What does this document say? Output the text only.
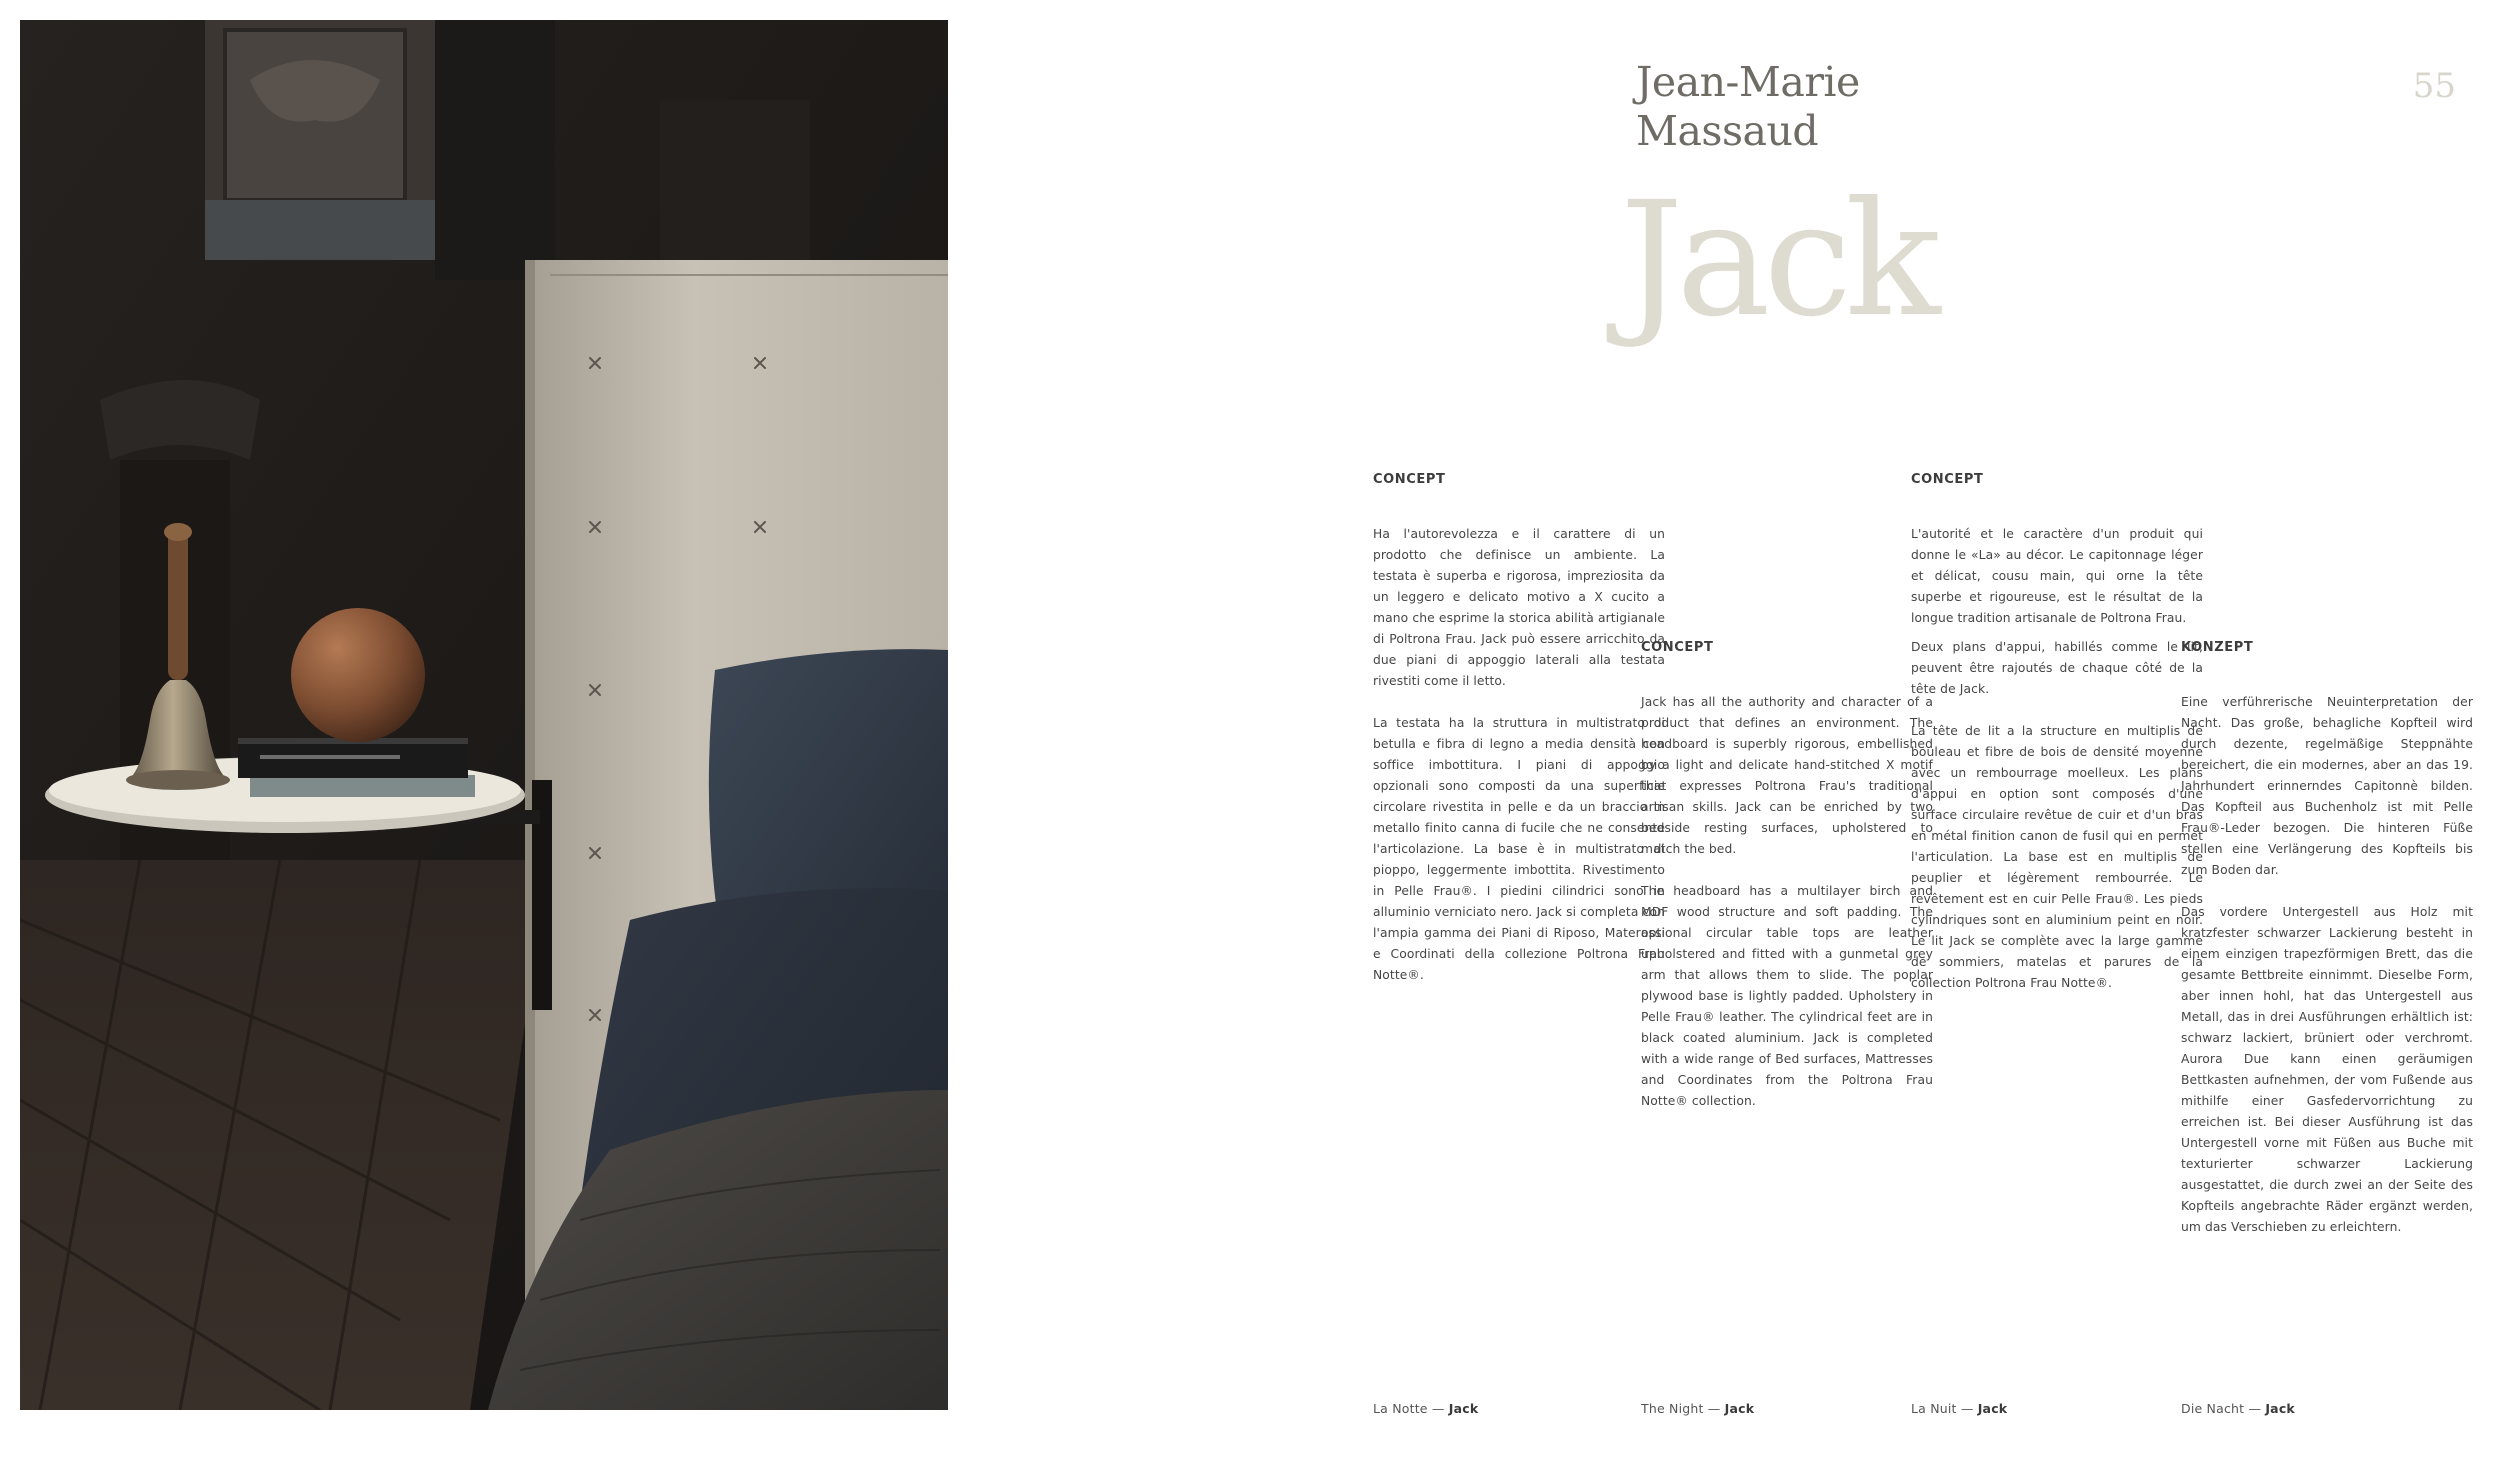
Jean-Marie
Massaud
55
Jack
CONCEPT

Ha l'autorevolezza e il carattere di un prodotto che definisce un ambiente. La testata è superba e rigorosa, impreziosita da un leggero e delicato motivo a X cucito a mano che esprime la storica abilità artigianale di Poltrona Frau. Jack può essere arricchito da due piani di appoggio laterali alla testata rivestiti come il letto.

La testata ha la struttura in multistrato di betulla e fibra di legno a media densità con soffice imbottitura. I piani di appoggio opzionali sono composti da una superficie circolare rivestita in pelle e da un braccio in metallo finito canna di fucile che ne consente l'articolazione. La base è in multistrato di pioppo, leggermente imbottita. Rivestimento in Pelle Frau®. I piedini cilindrici sono in alluminio verniciato nero. Jack si completa con l'ampia gamma dei Piani di Riposo, Materassi e Coordinati della collezione Poltrona Frau Notte®.

CONCEPT

Jack has all the authority and character of a product that defines an environment. The headboard is superbly rigorous, embellished by a light and delicate hand-stitched X motif that expresses Poltrona Frau's traditional artisan skills. Jack can be enriched by two bedside resting surfaces, upholstered to match the bed.

The headboard has a multilayer birch and MDF wood structure and soft padding. The optional circular table tops are leather upholstered and fitted with a gunmetal grey arm that allows them to slide. The poplar plywood base is lightly padded. Upholstery in Pelle Frau® leather. The cylindrical feet are in black coated aluminium. Jack is completed with a wide range of Bed surfaces, Mattresses and Coordinates from the Poltrona Frau Notte® collection.

CONCEPT

L'autorité et le caractère d'un produit qui donne le «La» au décor. Le capitonnage léger et délicat, cousu main, qui orne la tête superbe et rigoureuse, est le résultat de la longue tradition artisanale de Poltrona Frau.

Deux plans d'appui, habillés comme le lit, peuvent être rajoutés de chaque côté de la tête de Jack.

La tête de lit a la structure en multiplis de bouleau et fibre de bois de densité moyenne avec un rembourrage moelleux. Les plans d'appui en option sont composés d'une surface circulaire revêtue de cuir et d'un bras en métal finition canon de fusil qui en permet l'articulation. La base est en multiplis de peuplier et légèrement rembourrée. Le revêtement est en cuir Pelle Frau®. Les pieds cylindriques sont en aluminium peint en noir. Le lit Jack se complète avec la large gamme de sommiers, matelas et parures de la collection Poltrona Frau Notte®.

KONZEPT

Eine verführerische Neuinterpretation der Nacht. Das große, behagliche Kopfteil wird durch dezente, regelmäßige Steppnähte bereichert, die ein modernes, aber an das 19. Jahrhundert erinnerndes Capitonnè bilden. Das Kopfteil aus Buchenholz ist mit Pelle Frau®-Leder bezogen. Die hinteren Füße stellen eine Verlängerung des Kopfteils bis zum Boden dar.

Das vordere Untergestell aus Holz mit kratzfester schwarzer Lackierung besteht in einem einzigen trapezförmigen Brett, das die gesamte Bettbreite einnimmt. Dieselbe Form, aber innen hohl, hat das Untergestell aus Metall, das in drei Ausführungen erhältlich ist: schwarz lackiert, brüniert oder verchromt. Aurora Due kann einen geräumigen Bettkasten aufnehmen, der vom Fußende aus mithilfe einer Gasfedervorrichtung zu erreichen ist. Bei dieser Ausführung ist das Untergestell vorne mit Füßen aus Buche mit texturierter schwarzer Lackierung ausgestattet, die durch zwei an der Seite des Kopfteils angebrachte Räder ergänzt werden, um das Verschieben zu erleichtern.

La Notte — Jack	The Night — Jack	La Nuit — Jack	Die Nacht — Jack
